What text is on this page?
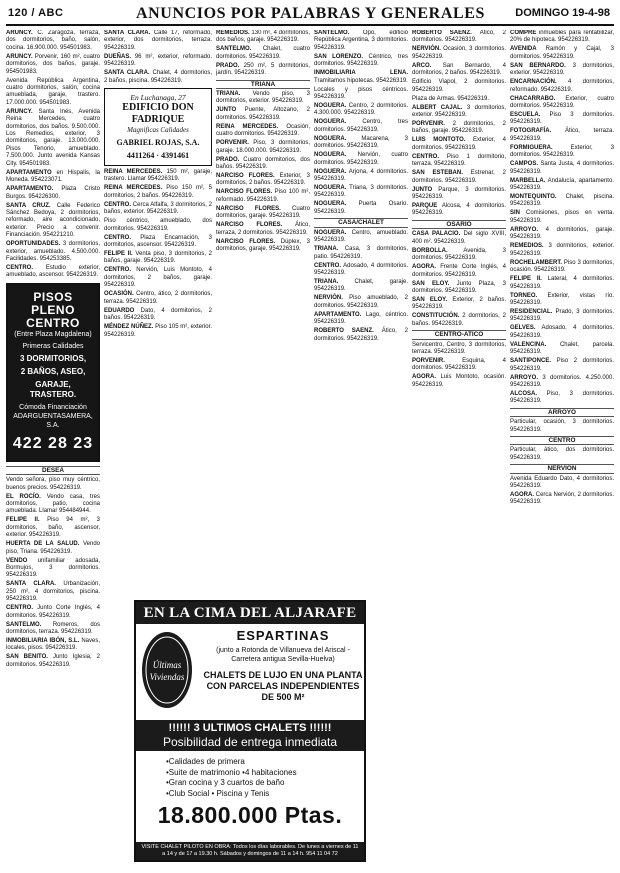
120 / ABC	ANUNCIOS POR PALABRAS Y GENERALES	DOMINGO 19-4-98

ARUNCY. C. Zaragoza, terraza, dos dormitorios, baño, salón, cocina. 16.900.000. 954501983.

ARUNCY. Porvenir, 160 m², cuatro dormitorios, dos baños, garaje. 954501983.

Avenida República Argentina, cuatro dormitorios, salón, cocina amueblada, garaje, trastero. 17.000.000. 954501983.

ARUNCY. Santa Inés, Avenida Reina Mercedes, cuatro dormitorios, dos baños. 9.500.000. Los Remedios, exterior, 3 dormitorios, garaje. 13.000.000. Pisos Tenorio, amueblado. 7.500.000. Junto avenida Kansas City. 954501983.

APARTAMENTO en Hispalis, la Moneda. 954223071.

APARTAMENTO. Plaza Cristo Burgos. 954226300.

SANTA CRUZ. Calle Federico Sánchez Bedoya, 2 dormitorios, reformado, aire acondicionado, exterior. Precio a convenir. Financiación. 954221210.

OPORTUNIDADES. 3 dormitorios, exterior, amueblado. 4.500.000. Facilidades. 954253385.

CENTRO. Estudio exterior, amueblado, ascensor. 954226319.

PISOS PLENO CENTRO
(Entre Plaza Magdalena)
Primeras Calidades
3 DORMITORIOS,
2 BAÑOS, ASEO,
GARAJE, TRASTERO.
Cómoda Financiación
ADARGUENTASAMERA, S.A.
422 28 23
DESEA

Vendo señora, piso muy céntrico, buenos precios. 954226319.

EL ROCÍO. Vendo casa, tres dormitorios, patio, cocina amueblada. Llamar 954484944.

FELIPE II. Piso 94 m², 3 dormitorios, baño, ascensor, exterior. 954226319.

HUERTA DE LA SALUD. Vendo piso, Triana. 954226319.

VENDO unifamiliar adosada, Bormujos, 3 dormitorios. 954226319.

SANTA CLARA. Urbanización, 250 m², 4 dormitorios, piscina. 954226319.

CENTRO. Junto Corte Inglés, 4 dormitorios. 954226319.

SANTELMO. Romeros, dos dormitorios, terraza. 954226319.

INMOBILIARIA IBÓN, S.L. Naves, locales, pisos. 954226319.

SAN BENITO. Junto Iglesia, 2 dormitorios. 954226319.

SANTA CLARA. Calle 17, reformado, exterior, dos dormitorios, terraza. 954226319.

DUEÑAS. 96 m², exterior, reformado. 954226319.

SANTA CLARA. Chalet, 4 dormitorios, 2 baños, piscina. 954226319.

En Luchanaga, 27
EDIFICIO DON FADRIQUE
Magnificas Calidades
GABRIEL ROJAS, S.A.
4411264 · 4391461

REINA MERCEDES. 150 m², garaje, trastero. Llamar 954226319.

REINA MERCEDES. Piso 150 m², 5 dormitorios, 2 baños. 954226319.

CENTRO. Cerca Alfalfa, 3 dormitorios, 2 baños, exterior. 954226319.

Piso céntrico, amueblado, dos dormitorios. 954226319.

CENTRO. Plaza Encarnación, 3 dormitorios, ascensor. 954226319.

FELIPE II. Venta piso, 3 dormitorios, 2 baños, garaje. 954226319.

CENTRO. Nervión, Luis Montoto, 4 dormitorios, 2 baños, garaje. 954226319.

OCASIÓN. Centro, ático, 2 dormitorios, terraza. 954226319.

EDUARDO Dato, 4 dormitorios, 2 baños. 954226319.

MÉNDEZ NÚÑEZ. Piso 105 m², exterior. 954226319.

REMEDIOS. 130 m², 4 dormitorios, dos baños, garaje. 954226319.

SANTELMO. Chalet, cuatro dormitorios. 954226319.

PRADO. 250 m², 5 dormitorios, jardín. 954226319.

TRIANA

TRIANA. Vendo piso, 3 dormitorios, exterior. 954226319.

JUNTO Puente, Altozano, 2 dormitorios. 954226319.

REINA MERCEDES. Ocasión, cuatro dormitorios. 954226319.

PORVENIR. Piso, 3 dormitorios, garaje. 18.000.000. 954226319.

PRADO. Cuatro dormitorios, dos baños. 954226319.

NARCISO FLORES. Exterior, 3 dormitorios, 2 baños. 954226319.

NARCISO FLORES. Piso 100 m², reformado. 954226319.

NARCISO FLORES. Cuatro dormitorios, garaje. 954226319.

NARCISO FLORES. Ático, terraza, 2 dormitorios. 954226319.

NARCISO FLORES. Dúplex, 3 dormitorios, garaje. 954226319.

SANTELMO. Opo, edificio República Argentina, 3 dormitorios. 954226319.

SAN LORENZO. Céntrico, tres dormitorios. 954226319.

INMOBILIARIA LENA. Tramitamos hipotecas. 954226319.

Locales y pisos céntricos. 954226319.

NOGUERA. Centro, 2 dormitorios. 4.300.000. 954226319.

NOGUERA.	Centro, tres dormitorios. 954226319.

NOGUERA. Macarena, 3 dormitorios. 954226319.

NOGUERA. Nervión, cuatro dormitorios. 954226319.

NOGUERA. Arjona, 4 dormitorios. 954226319.

NOGUERA. Triana, 3 dormitorios. 954226319.

NOGUERA. Puerta Osario. 954226319.

CASA/CHALET

NOGUERA. Centro, amueblado. 954226319.

TRIANA. Casa, 3 dormitorios, patio. 954226319.

CENTRO. Adosado, 4 dormitorios. 954226319.

TRIANA.	Chalet, garaje. 954226319.

NERVIÓN. Piso amueblado, 2 dormitorios. 954226319.

APARTAMENTO. Lago, céntrico. 954226319.

ROBERTO SAENZ. Ático, 2 dormitorios. 954226319.

ROBERTO SAENZ. Ático, 2 dormitorios. 954226319.

NERVIÓN. Ocasión, 3 dormitorios. 954226319.

ARCO. San Bernardo, 4 dormitorios, 2 baños. 954226319.

Edificio Viapol, 2 dormitorios. 954226319.

Plaza de Armas. 954226319.

ALBERT CAJAL. 3 dormitorios, exterior. 954226319.

PORVENIR. 2 dormitorios, 2 baños, garaje. 954226319.

LUIS MONTOTO. Exterior, 4 dormitorios. 954226319.

CENTRO. Piso 1 dormitorio, terraza. 954226319.

SAN ESTEBAN. Estrenar, 2 dormitorios. 954226319.

JUNTO Parque, 3 dormitorios. 954226319.

PARQUE Alcosa, 4 dormitorios. 954226319.

OSARIO

CASA PALACIO. Del siglo XVIII, 400 m². 954226319.

BORBOLLA.	Avenida, 3 dormitorios. 954226319.

AGORA. Frente Corte Inglés, 4 dormitorios. 954226319.

SAN ELOY. Junto Plaza, 3 dormitorios. 954226319.

SAN ELOY. Exterior, 2 baños. 954226319.

CONSTITUCIÓN. 2 dormitorios, 2 baños. 954226319.

CENTRO-ATICO

Servicentro, Centro, 3 dormitorios, terraza. 954226319.

PORVENIR.	Esquina, 4 dormitorios. 954226319.

AGORA. Luis Montoto, ocasión. 954226319.

COMPRE inmuebles para rentabilizar, 20% de hipoteca. 954226319.

AVENIDA Ramón y Cajal, 3 dormitorios. 954226319.

SAN BERNARDO. 3 dormitorios, exterior. 954226319.

ENCARNACIÓN. 4 dormitorios, reformado. 954226319.

CHACARRABO. Exterior, cuatro dormitorios. 954226319.

ESCUELA. Piso 3 dormitorios. 954226319.

FOTOGRAFÍA. Ático, terraza. 954226319.

FORMIGUERA.	Exterior, 3 dormitorios. 954226319.

CAMPOS. Santa Justa, 4 dormitorios. 954226319.

MARBELLA. Andalucía, apartamento. 954226319.

MONTEQUINTO. Chalet, piscina. 954226319.

SIN Comisiones, pisos en venta. 954226319.

ARROYO. 4 dormitorios, garaje. 954226319.

REMEDIOS. 3 dormitorios, exterior. 954226319.

ROCHELAMBERT. Piso 3 dormitorios, ocasión. 954226319.

FELIPE II. Lateral, 4 dormitorios. 954226319.

TORNEO. Exterior, vistas río. 954226319.

RESIDENCIAL. Prado, 3 dormitorios. 954226319.

GELVES. Adosado, 4 dormitorios. 954226319.

VALENCINA. Chalet, parcela. 954226319.

SANTIPONCE. Piso 2 dormitorios. 954226319.

ARROYO. 3 dormitorios. 4.250.000. 954226319.

ALCOSA. Piso, 3 dormitorios. 954226319.

ARROYO

Particular, ocasión, 3 dormitorios. 954226319.

CENTRO

Particular, ático, dos dormitorios. 954226319.

NERVION

Avenida Eduardo Dato, 4 dormitorios. 954226319.

AGORA. Cerca Nervión, 2 dormitorios. 954226319.

EN LA CIMA DEL ALJARAFE
Últimas
Viviendas
ESPARTINAS
(junto a Rotonda de Villanueva del Ariscal - Carretera antigua Sevilla-Huelva)
CHALETS DE LUJO EN UNA PLANTA CON PARCELAS INDEPENDIENTES DE 500 M²
!!!!!! 3 ULTIMOS CHALETS !!!!!!
Posibilidad de entrega inmediata
•Calidades de primera
•Suite de matrimonio •4 habitaciones
•Gran cocina y 3 cuartos de baño
•Club Social • Piscina y Tenis
18.800.000 Ptas.
VISITE CHALET PILOTO EN OBRA: Todos los días laborables. De lunes a viernes de 11 a 14 y de 17 a 19.30 h. Sábados y domingos de 11 a 14 h. 954 11 04 72
